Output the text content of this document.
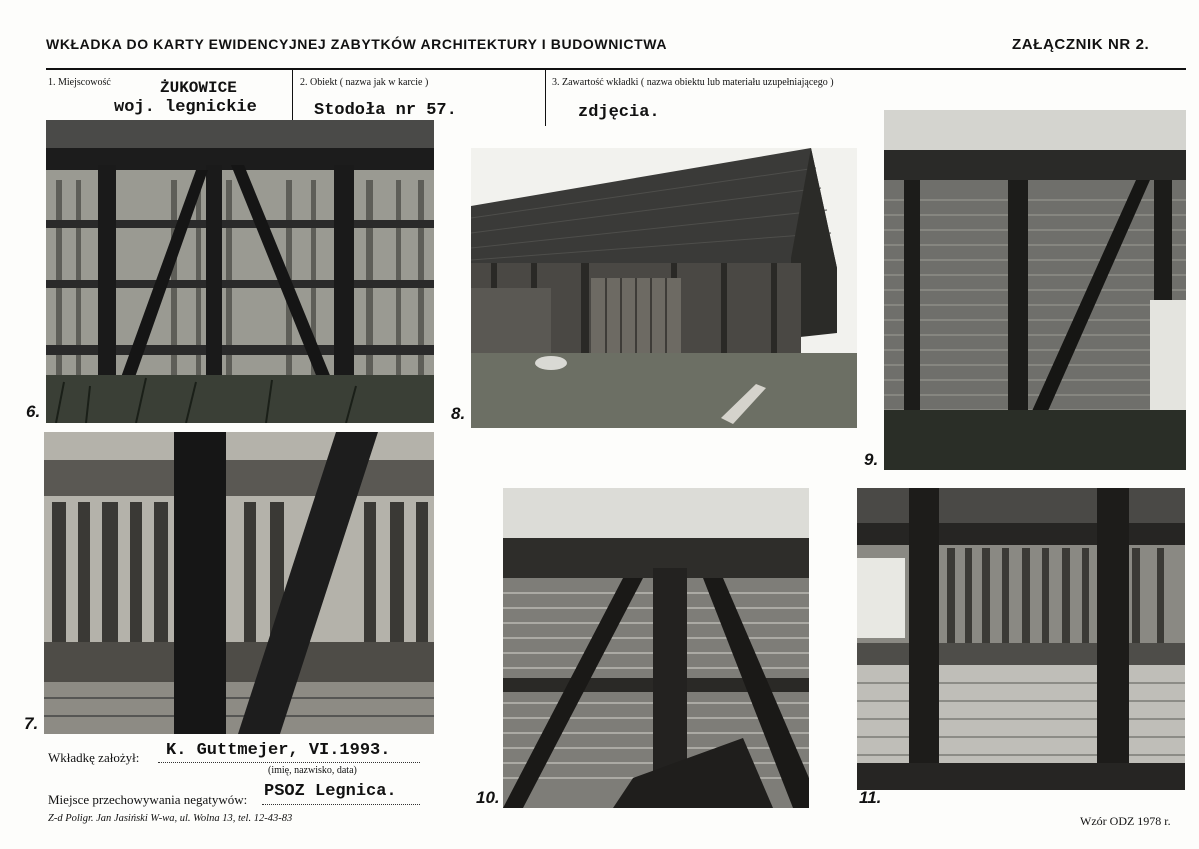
WKŁADKA DO KARTY EWIDENCYJNEJ ZABYTKÓW ARCHITEKTURY I BUDOWNICTWA	ZAŁĄCZNIK NR 2.
1. Miejscowość	ŻUKOWICE
woj. legnickie
2. Obiekt ( nazwa jak w karcie )
Stodoła nr 57.
3. Zawartość wkładki ( nazwa obiektu lub materiału uzupełniającego )
zdjęcia.
6.
7.
8.
9.
10.	11.
Wkładkę założył: K. Guttmejer, VI.1993.
(imię, nazwisko, data)
Miejsce przechowywania negatywów: PSOZ Legnica.
Z-d Poligr. Jan Jasiński W-wa, ul. Wolna 13, tel. 12-43-83	Wzór ODZ 1978 r.
